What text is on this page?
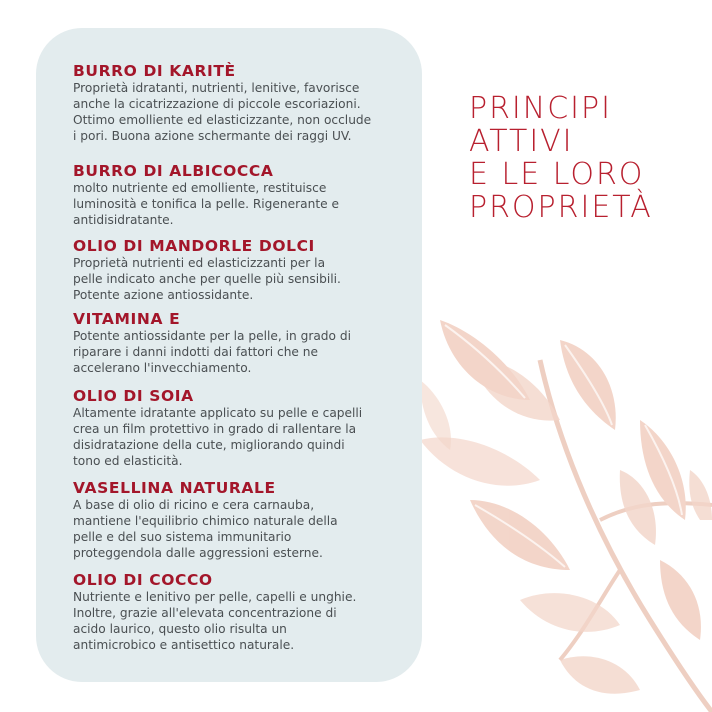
BURRO DI KARITÈ

Proprietà idratanti, nutrienti, lenitive, favorisce
anche la cicatrizzazione di piccole escoriazioni.
Ottimo emolliente ed elasticizzante, non occlude
i pori. Buona azione schermante dei raggi UV.

BURRO DI ALBICOCCA

molto nutriente ed emolliente, restituisce
luminosità e tonifica la pelle. Rigenerante e
antidisidratante.

OLIO DI MANDORLE DOLCI

Proprietà nutrienti ed elasticizzanti per la
pelle indicato anche per quelle più sensibili.
Potente azione antiossidante.

VITAMINA E

Potente antiossidante per la pelle, in grado di
riparare i danni indotti dai fattori che ne
accelerano l'invecchiamento.

OLIO DI SOIA

Altamente idratante applicato su pelle e capelli
crea un film protettivo in grado di rallentare la
disidratazione della cute, migliorando quindi
tono ed elasticità.

VASELLINA NATURALE

A base di olio di ricino e cera carnauba,
mantiene l'equilibrio chimico naturale della
pelle e del suo sistema immunitario
proteggendola dalle aggressioni esterne.

OLIO DI COCCO

Nutriente e lenitivo per pelle, capelli e unghie.
Inoltre, grazie all'elevata concentrazione di
acido laurico, questo olio risulta un
antimicrobico e antisettico naturale.

PRINCIPI
ATTIVI
E LE LORO
PROPRIETÀ
